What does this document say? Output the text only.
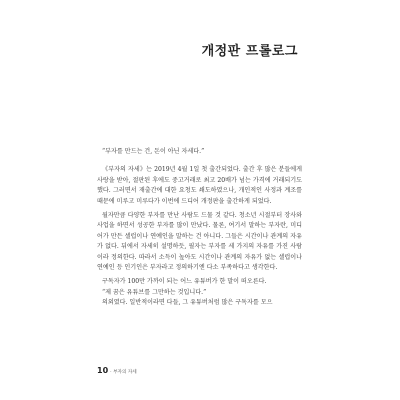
개정판 프롤로그

“부자를 만드는 건, 돈이 아닌 자세다.”

《부자의 자세》는 2019년 4월 1일 첫 출간되었다. 출간 후 많은 분들에게 사랑을 받아, 절판된 후에도 중고거래로 최고 20배가 넘는 가격에 거래되기도 했다. 그러면서 재출간에 대한 요청도 쇄도하였으나, 개인적인 사정과 계조를 때문에 미루고 미루다가 이번에 드디어 개정판을 출간하게 되었다.

월자만큼 다양한 부자를 만난 사람도 드물 것 같다. 청소년 시절부터 장사와 사업을 하면서 성공한 부자를 많이 만났다. 물론, 여기서 말하는 부자란, 미디어가 만든 셀럽이나 연예인을 말하는 건 아니다. 그들은 시간이나 관계의 자유가 없다. 뒤에서 자세히 설명하듯, 필자는 부자를 세 가지의 자유를 가진 사람이라 정의한다. 따라서 소득이 높아도 시간이나 관계의 자유가 없는 셀럽이나 연예인 등 인기인은 부자라고 정의하기엔 다소 부족하다고 생각한다.

구독자가 100만 가까이 되는 어느 유튜버가 한 말이 떠오른다.

“제 꿈은 유튜브를 그만하는 것입니다.”

의외였다. 일반적이라면 다들, 그 유튜버처럼 많은 구독자를 모으

10 · 부자의 자세
